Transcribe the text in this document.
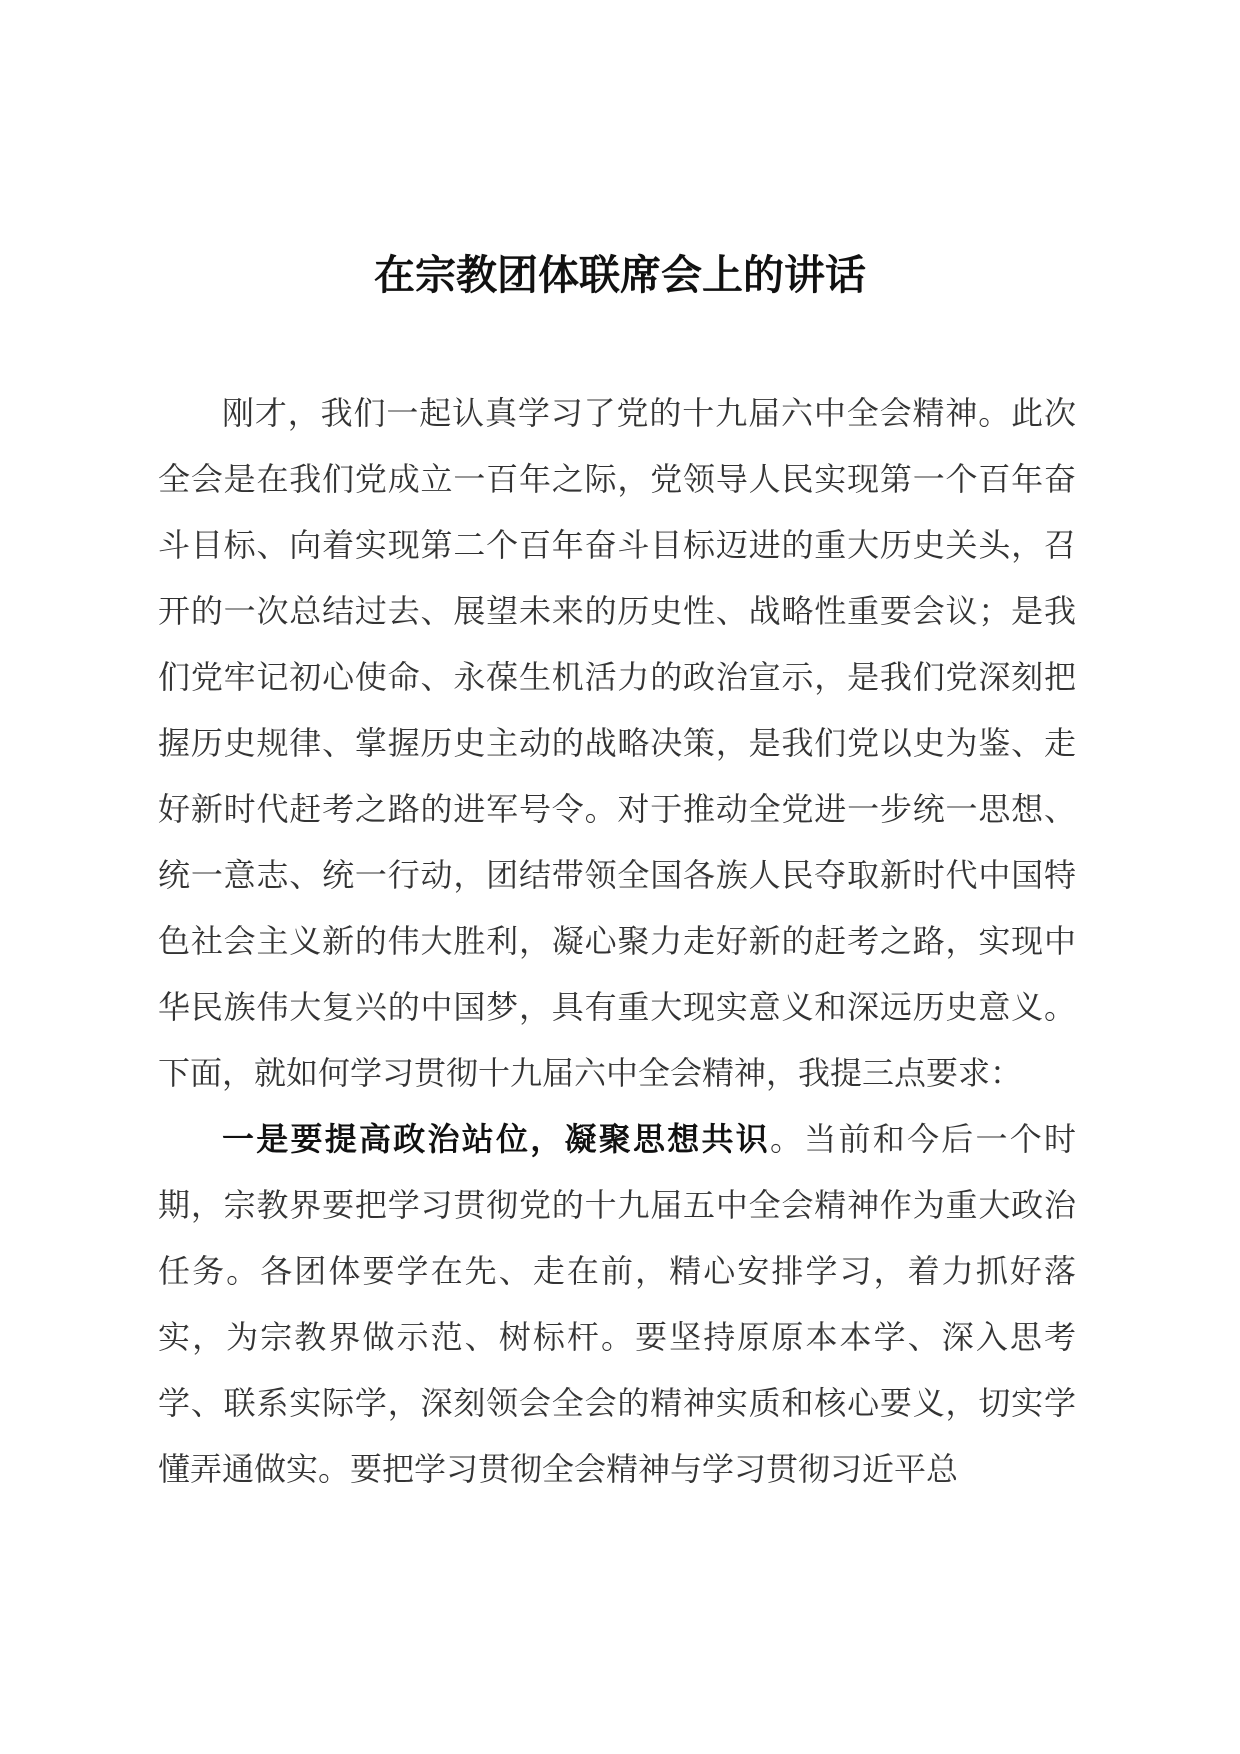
在宗教团体联席会上的讲话

刚才，我们一起认真学习了党的十九届六中全会精神。此次全会是在我们党成立一百年之际，党领导人民实现第一个百年奋斗目标、向着实现第二个百年奋斗目标迈进的重大历史关头，召开的一次总结过去、展望未来的历史性、战略性重要会议；是我们党牢记初心使命、永葆生机活力的政治宣示，是我们党深刻把握历史规律、掌握历史主动的战略决策，是我们党以史为鉴、走好新时代赶考之路的进军号令。对于推动全党进一步统一思想、统一意志、统一行动，团结带领全国各族人民夺取新时代中国特色社会主义新的伟大胜利，凝心聚力走好新的赶考之路，实现中华民族伟大复兴的中国梦，具有重大现实意义和深远历史意义。下面，就如何学习贯彻十九届六中全会精神，我提三点要求：

一是要提高政治站位，凝聚思想共识。当前和今后一个时期，宗教界要把学习贯彻党的十九届五中全会精神作为重大政治任务。各团体要学在先、走在前，精心安排学习，着力抓好落实，为宗教界做示范、树标杆。要坚持原原本本学、深入思考学、联系实际学，深刻领会全会的精神实质和核心要义，切实学懂弄通做实。要把学习贯彻全会精神与学习贯彻习近平总
